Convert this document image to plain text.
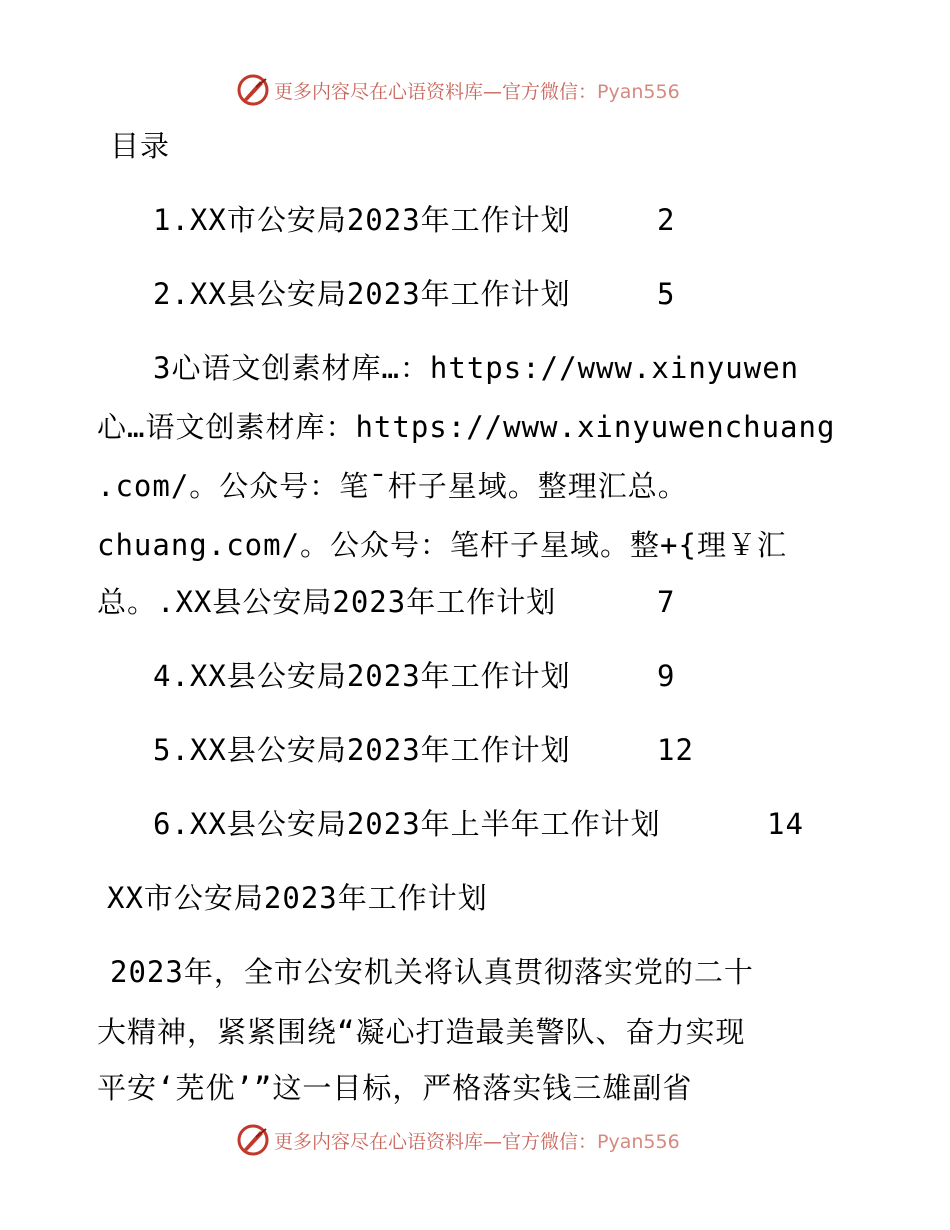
更多内容尽在心语资料库—官方微信：Pyan556
目录
1.XX市公安局2023年工作计划	2
2.XX县公安局2023年工作计划	5
3心语文创素材库…：https://www.xinyuwen
心…语文创素材库：https://www.xinyuwenchuang
.com/。公众号：笔¯杆子星域。整理汇总。
chuang.com/。公众号：笔杆子星域。整+{理￥汇
总。.XX县公安局2023年工作计划	7
4.XX县公安局2023年工作计划	9
5.XX县公安局2023年工作计划	12
6.XX县公安局2023年上半年工作计划	14
XX市公安局2023年工作计划
2023年，全市公安机关将认真贯彻落实党的二十
大精神，紧紧围绕“凝心打造最美警队、奋力实现
平安‘芜优’”这一目标，严格落实钱三雄副省
更多内容尽在心语资料库—官方微信：Pyan556
